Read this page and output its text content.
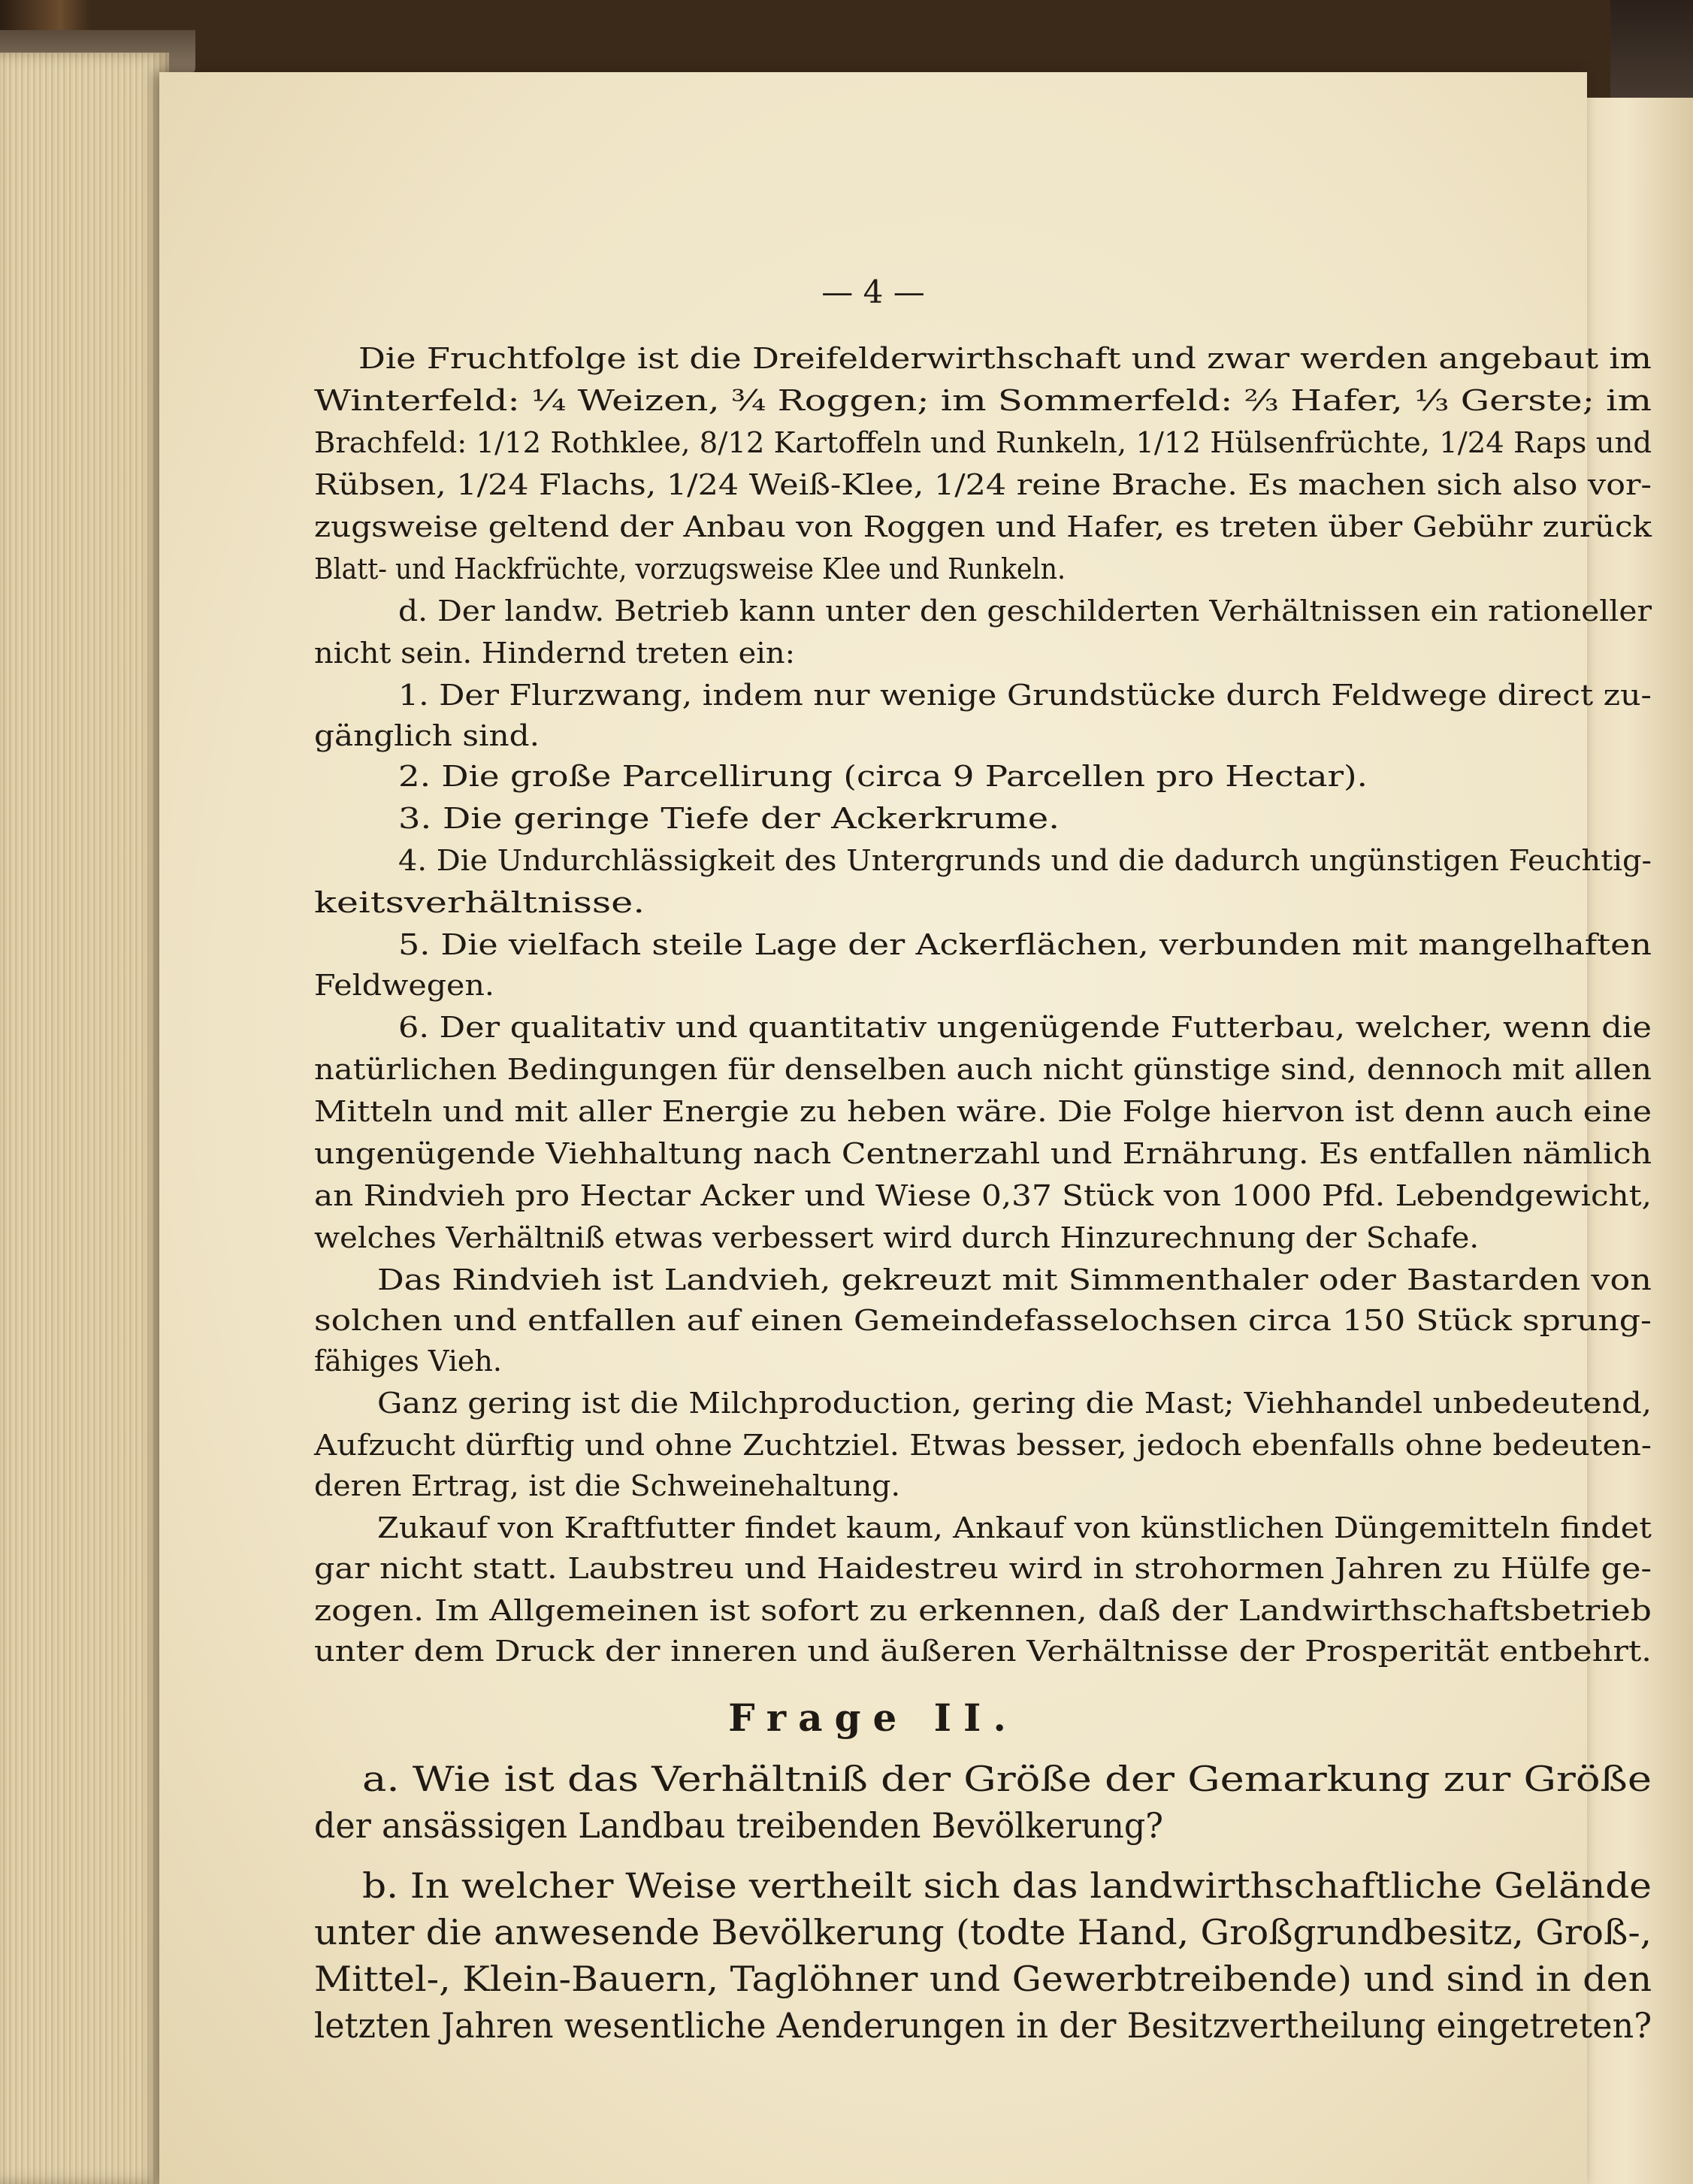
— 4 —

Die Fruchtfolge ist die Dreifelderwirthschaft und zwar werden angebaut im

Winterfeld: ¼ Weizen, ¾ Roggen; im Sommerfeld: ⅔ Hafer, ⅓ Gerste; im

Brachfeld: 1/12 Rothklee, 8/12 Kartoffeln und Runkeln, 1/12 Hülsenfrüchte, 1/24 Raps und

Rübsen, 1/24 Flachs, 1/24 Weiß-Klee, 1/24 reine Brache. Es machen sich also vor-

zugsweise geltend der Anbau von Roggen und Hafer, es treten über Gebühr zurück

Blatt- und Hackfrüchte, vorzugsweise Klee und Runkeln.

d. Der landw. Betrieb kann unter den geschilderten Verhältnissen ein rationeller

nicht sein. Hindernd treten ein:

1. Der Flurzwang, indem nur wenige Grundstücke durch Feldwege direct zu-

gänglich sind.

2. Die große Parcellirung (circa 9 Parcellen pro Hectar).

3. Die geringe Tiefe der Ackerkrume.

4. Die Undurchlässigkeit des Untergrunds und die dadurch ungünstigen Feuchtig-

keitsverhältnisse.

5. Die vielfach steile Lage der Ackerflächen, verbunden mit mangelhaften

Feldwegen.

6. Der qualitativ und quantitativ ungenügende Futterbau, welcher, wenn die

natürlichen Bedingungen für denselben auch nicht günstige sind, dennoch mit allen

Mitteln und mit aller Energie zu heben wäre. Die Folge hiervon ist denn auch eine

ungenügende Viehhaltung nach Centnerzahl und Ernährung. Es entfallen nämlich

an Rindvieh pro Hectar Acker und Wiese 0,37 Stück von 1000 Pfd. Lebendgewicht,

welches Verhältniß etwas verbessert wird durch Hinzurechnung der Schafe.

Das Rindvieh ist Landvieh, gekreuzt mit Simmenthaler oder Bastarden von

solchen und entfallen auf einen Gemeindefasselochsen circa 150 Stück sprung-

fähiges Vieh.

Ganz gering ist die Milchproduction, gering die Mast; Viehhandel unbedeutend,

Aufzucht dürftig und ohne Zuchtziel. Etwas besser, jedoch ebenfalls ohne bedeuten-

deren Ertrag, ist die Schweinehaltung.

Zukauf von Kraftfutter findet kaum, Ankauf von künstlichen Düngemitteln findet

gar nicht statt. Laubstreu und Haidestreu wird in strohormen Jahren zu Hülfe ge-

zogen. Im Allgemeinen ist sofort zu erkennen, daß der Landwirthschaftsbetrieb

unter dem Druck der inneren und äußeren Verhältnisse der Prosperität entbehrt.

Frage II.

a. Wie ist das Verhältniß der Größe der Gemarkung zur Größe

der ansässigen Landbau treibenden Bevölkerung?

b. In welcher Weise vertheilt sich das landwirthschaftliche Gelände

unter die anwesende Bevölkerung (todte Hand, Großgrundbesitz, Groß-,

Mittel-, Klein-Bauern, Taglöhner und Gewerbtreibende) und sind in den

letzten Jahren wesentliche Aenderungen in der Besitzvertheilung eingetreten?
